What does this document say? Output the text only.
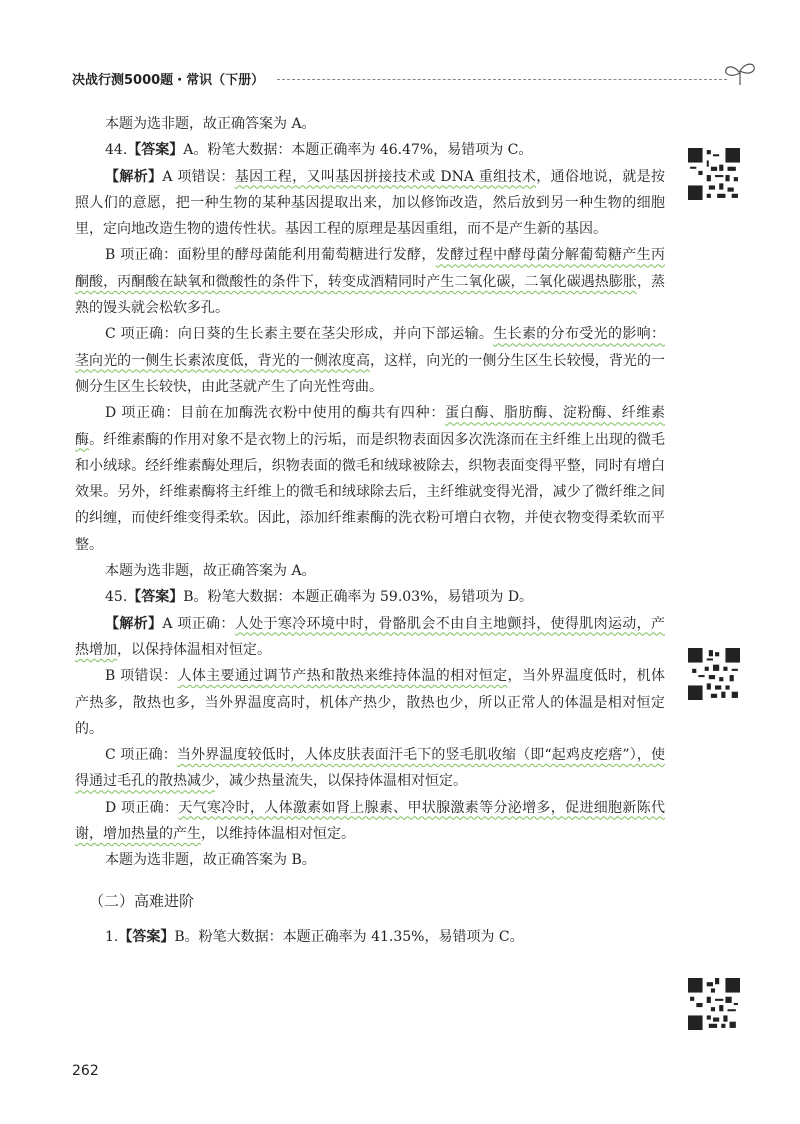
决战行测5000题・常识（下册）

本题为选非题，故正确答案为 A。

44.【答案】A。粉笔大数据：本题正确率为 46.47%，易错项为 C。

【解析】A 项错误：基因工程，又叫基因拼接技术或 DNA 重组技术，通俗地说，就是按照人们的意愿，把一种生物的某种基因提取出来，加以修饰改造，然后放到另一种生物的细胞里，定向地改造生物的遗传性状。基因工程的原理是基因重组，而不是产生新的基因。

B 项正确：面粉里的酵母菌能利用葡萄糖进行发酵，发酵过程中酵母菌分解葡萄糖产生丙酮酸，丙酮酸在缺氧和微酸性的条件下，转变成酒精同时产生二氧化碳，二氧化碳遇热膨胀，蒸熟的馒头就会松软多孔。

C 项正确：向日葵的生长素主要在茎尖形成，并向下部运输。生长素的分布受光的影响：茎向光的一侧生长素浓度低，背光的一侧浓度高，这样，向光的一侧分生区生长较慢，背光的一侧分生区生长较快，由此茎就产生了向光性弯曲。

D 项正确：目前在加酶洗衣粉中使用的酶共有四种：蛋白酶、脂肪酶、淀粉酶、纤维素酶。纤维素酶的作用对象不是衣物上的污垢，而是织物表面因多次洗涤而在主纤维上出现的微毛和小绒球。经纤维素酶处理后，织物表面的微毛和绒球被除去，织物表面变得平整，同时有增白效果。另外，纤维素酶将主纤维上的微毛和绒球除去后，主纤维就变得光滑，减少了微纤维之间的纠缠，而使纤维变得柔软。因此，添加纤维素酶的洗衣粉可增白衣物，并使衣物变得柔软而平整。

本题为选非题，故正确答案为 A。

45.【答案】B。粉笔大数据：本题正确率为 59.03%，易错项为 D。

【解析】A 项正确：人处于寒冷环境中时，骨骼肌会不由自主地颤抖，使得肌肉运动，产热增加，以保持体温相对恒定。

B 项错误：人体主要通过调节产热和散热来维持体温的相对恒定，当外界温度低时，机体产热多，散热也多，当外界温度高时，机体产热少，散热也少，所以正常人的体温是相对恒定的。

C 项正确：当外界温度较低时，人体皮肤表面汗毛下的竖毛肌收缩（即“起鸡皮疙瘩”），使得通过毛孔的散热减少，减少热量流失，以保持体温相对恒定。

D 项正确：天气寒冷时，人体激素如肾上腺素、甲状腺激素等分泌增多，促进细胞新陈代谢，增加热量的产生，以维持体温相对恒定。

本题为选非题，故正确答案为 B。

（二）高难进阶

1.【答案】B。粉笔大数据：本题正确率为 41.35%，易错项为 C。

262
